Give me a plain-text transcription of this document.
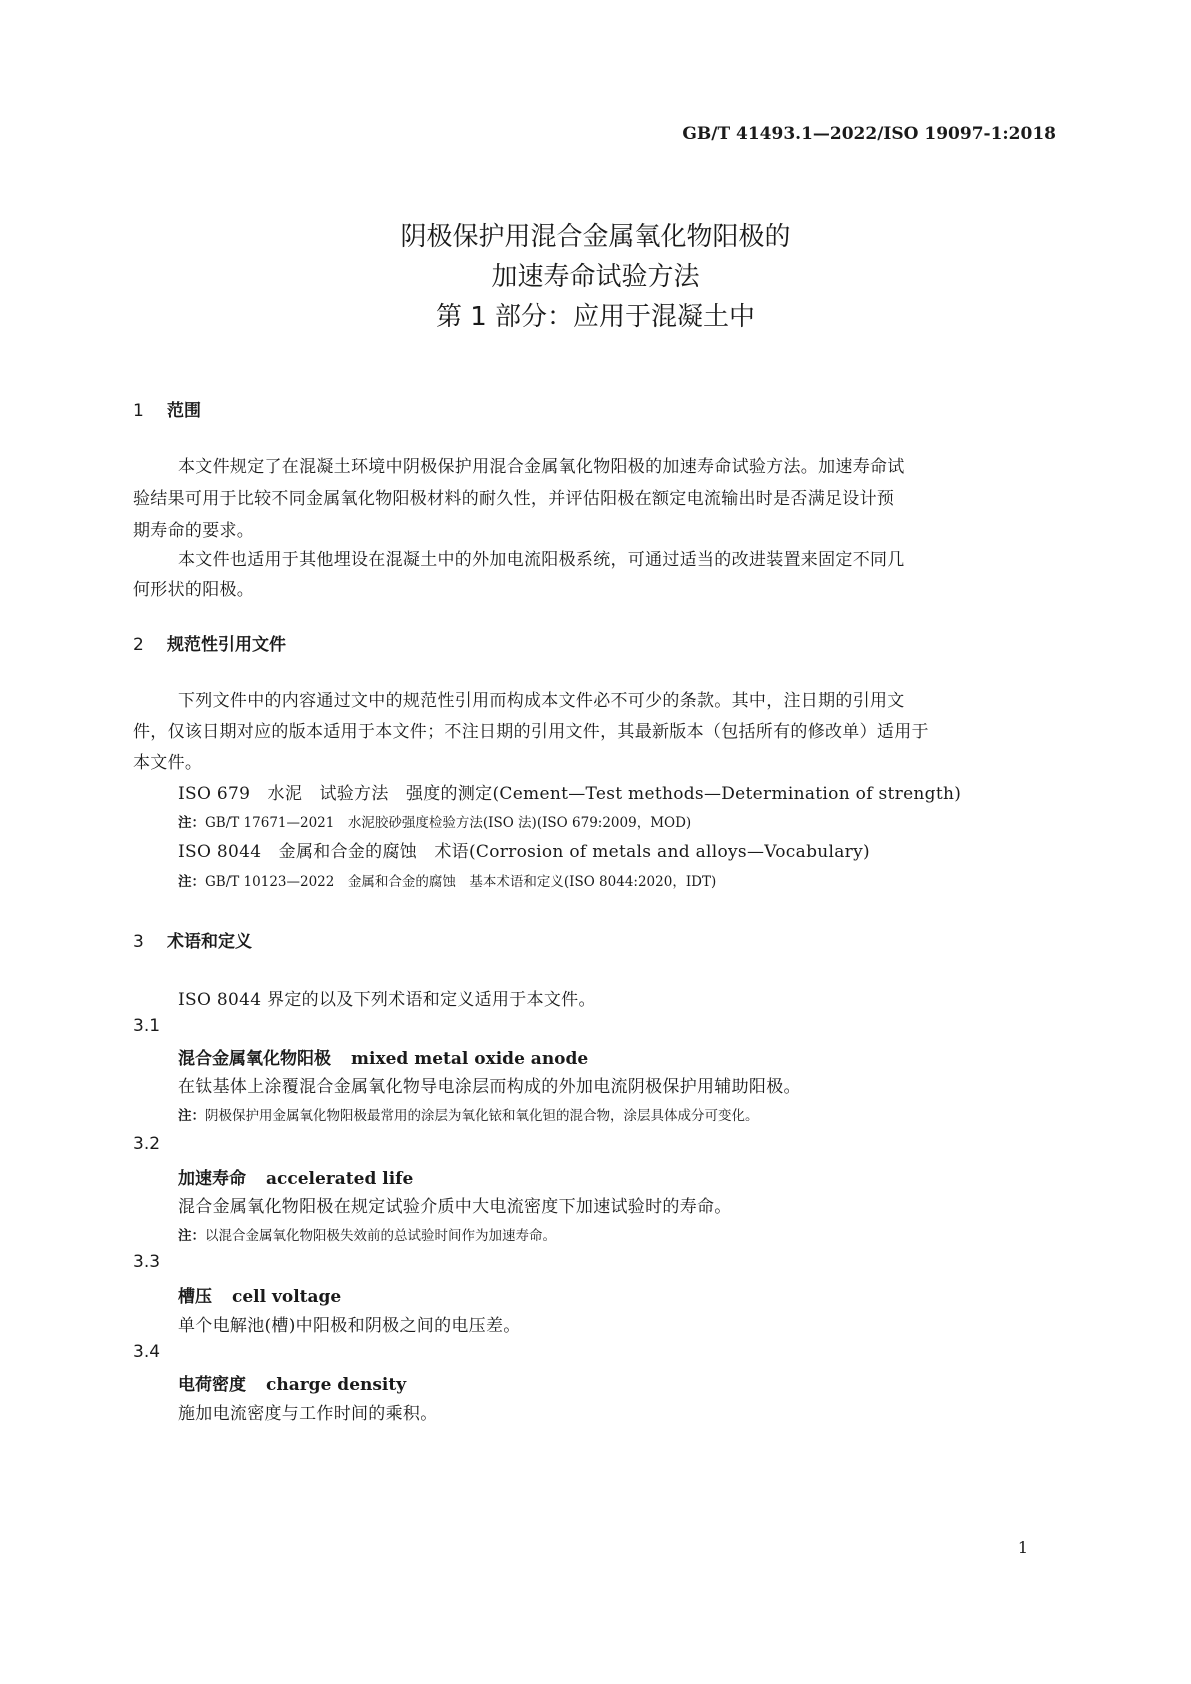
GB/T 41493.1—2022/ISO 19097-1:2018
阴极保护用混合金属氧化物阳极的
加速寿命试验方法
第 1 部分：应用于混凝土中
1 范围
本文件规定了在混凝土环境中阴极保护用混合金属氧化物阳极的加速寿命试验方法。加速寿命试
验结果可用于比较不同金属氧化物阳极材料的耐久性，并评估阳极在额定电流输出时是否满足设计预
期寿命的要求。
本文件也适用于其他埋设在混凝土中的外加电流阳极系统，可通过适当的改进装置来固定不同几
何形状的阳极。
2 规范性引用文件
下列文件中的内容通过文中的规范性引用而构成本文件必不可少的条款。其中，注日期的引用文
件，仅该日期对应的版本适用于本文件；不注日期的引用文件，其最新版本（包括所有的修改单）适用于
本文件。
ISO 679　水泥　试验方法　强度的测定(Cement—Test methods—Determination of strength)
注：GB/T 17671—2021　水泥胶砂强度检验方法(ISO 法)(ISO 679:2009，MOD)
ISO 8044　金属和合金的腐蚀　术语(Corrosion of metals and alloys—Vocabulary)
注：GB/T 10123—2022　金属和合金的腐蚀　基本术语和定义(ISO 8044:2020，IDT)
3 术语和定义
ISO 8044 界定的以及下列术语和定义适用于本文件。
3.1
混合金属氧化物阳极 mixed metal oxide anode
在钛基体上涂覆混合金属氧化物导电涂层而构成的外加电流阴极保护用辅助阳极。
注：阴极保护用金属氧化物阳极最常用的涂层为氧化铱和氧化钽的混合物，涂层具体成分可变化。
3.2
加速寿命 accelerated life
混合金属氧化物阳极在规定试验介质中大电流密度下加速试验时的寿命。
注：以混合金属氧化物阳极失效前的总试验时间作为加速寿命。
3.3
槽压 cell voltage
单个电解池(槽)中阳极和阴极之间的电压差。
3.4
电荷密度 charge density
施加电流密度与工作时间的乘积。
1
